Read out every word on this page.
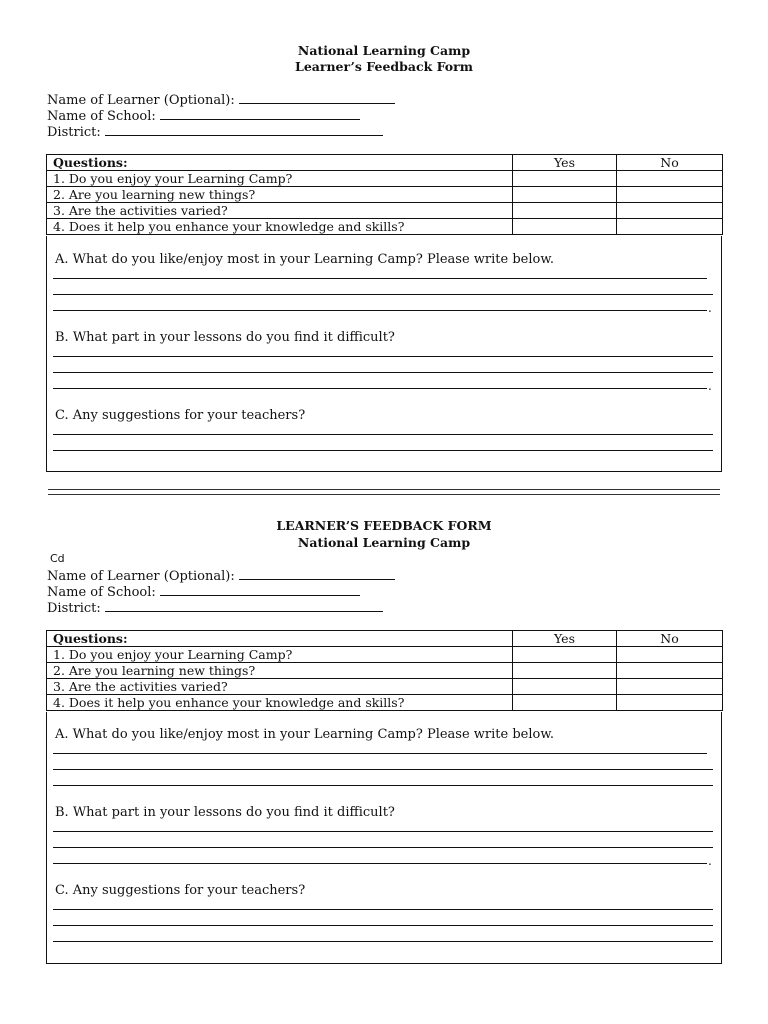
National Learning Camp
Learner’s Feedback Form
Name of Learner (Optional):
Name of School:
District:
Questions:	Yes	No
1. Do you enjoy your Learning Camp?		
2. Are you learning new things?		
3. Are the activities varied?		
4. Does it help you enhance your knowledge and skills?		
A. What do you like/enjoy most in your Learning Camp? Please write below.
.
B. What part in your lessons do you find it difficult?
.
C. Any suggestions for your teachers?
LEARNER’S FEEDBACK FORM
National Learning Camp
Cd
Name of Learner (Optional):
Name of School:
District:
Questions:	Yes	No
1. Do you enjoy your Learning Camp?		
2. Are you learning new things?		
3. Are the activities varied?		
4. Does it help you enhance your knowledge and skills?		
A. What do you like/enjoy most in your Learning Camp? Please write below.
B. What part in your lessons do you find it difficult?
.
C. Any suggestions for your teachers?
